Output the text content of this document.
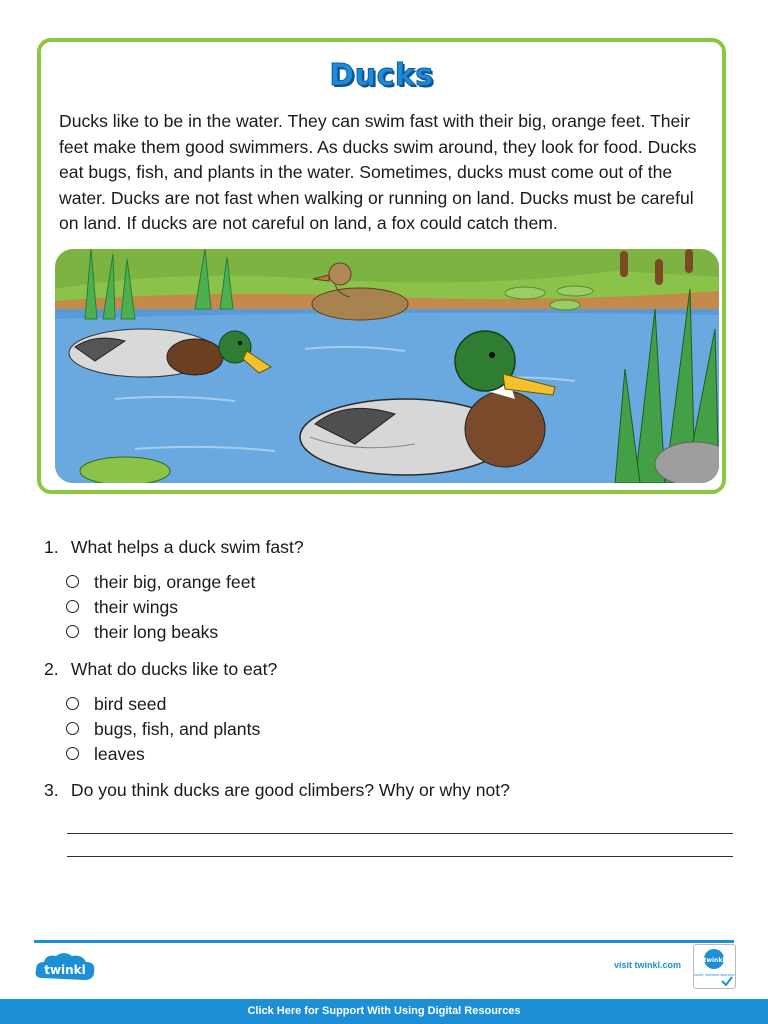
Ducks
Ducks like to be in the water. They can swim fast with their big, orange feet. Their
feet make them good swimmers. As ducks swim around, they look for food. Ducks
eat bugs, fish, and plants in the water. Sometimes, ducks must come out of the
water. Ducks are not fast when walking or running on land. Ducks must be careful
on land. If ducks are not careful on land, a fox could catch them.
1. What helps a duck swim fast?
their big, orange feet
their wings
their long beaks
2. What do ducks like to eat?
bird seed
bugs, fish, and plants
leaves
3. Do you think ducks are good climbers? Why or why not?
twinkl	visit twinkl.com	twinkl
Quality Standard Approved
Click Here for Support With Using Digital Resources
